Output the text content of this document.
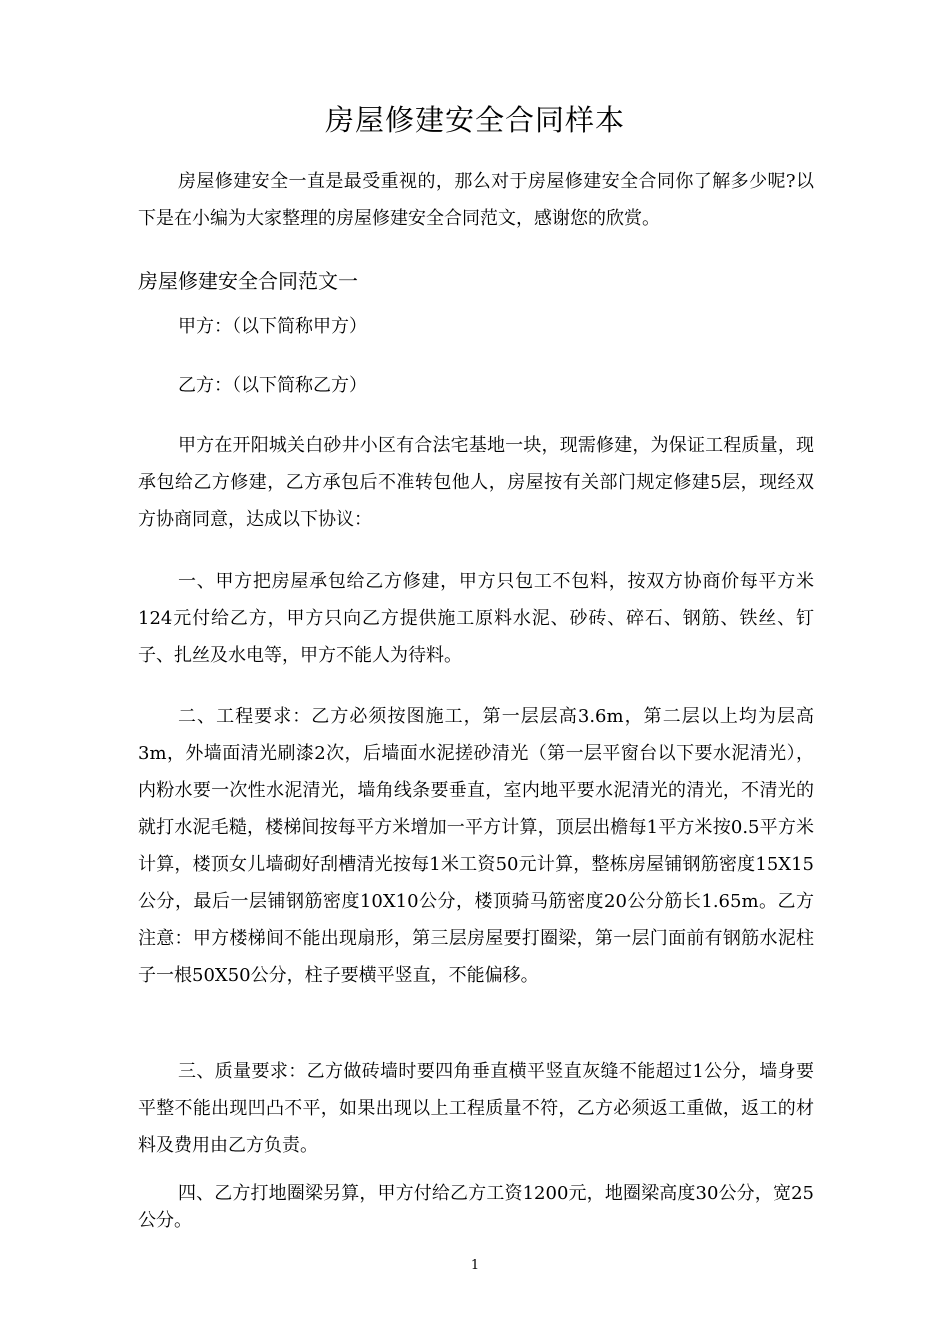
房屋修建安全合同样本
房屋修建安全一直是最受重视的，那么对于房屋修建安全合同你了解多少呢?以下是在小编为大家整理的房屋修建安全合同范文，感谢您的欣赏。
房屋修建安全合同范文一
甲方：（以下简称甲方）
乙方：（以下简称乙方）
甲方在开阳城关白砂井小区有合法宅基地一块，现需修建，为保证工程质量，现承包给乙方修建，乙方承包后不准转包他人，房屋按有关部门规定修建5层，现经双方协商同意，达成以下协议：
一、甲方把房屋承包给乙方修建，甲方只包工不包料，按双方协商价每平方米124元付给乙方，甲方只向乙方提供施工原料水泥、砂砖、碎石、钢筋、铁丝、钉子、扎丝及水电等，甲方不能人为待料。
二、工程要求：乙方必须按图施工，第一层层高3.6m，第二层以上均为层高3m，外墙面清光刷漆2次，后墙面水泥搓砂清光（第一层平窗台以下要水泥清光），内粉水要一次性水泥清光，墙角线条要垂直，室内地平要水泥清光的清光，不清光的就打水泥毛糙，楼梯间按每平方米增加一平方计算，顶层出檐每1平方米按0.5平方米计算，楼顶女儿墙砌好刮槽清光按每1米工资50元计算，整栋房屋铺钢筋密度15X15公分，最后一层铺钢筋密度10X10公分，楼顶骑马筋密度20公分筋长1.65m。乙方注意：甲方楼梯间不能出现扇形，第三层房屋要打圈梁，第一层门面前有钢筋水泥柱子一根50X50公分，柱子要横平竖直，不能偏移。
三、质量要求：乙方做砖墙时要四角垂直横平竖直灰缝不能超过1公分，墙身要平整不能出现凹凸不平，如果出现以上工程质量不符，乙方必须返工重做，返工的材料及费用由乙方负责。
四、乙方打地圈梁另算，甲方付给乙方工资1200元，地圈梁高度30公分，宽25公分。
1
